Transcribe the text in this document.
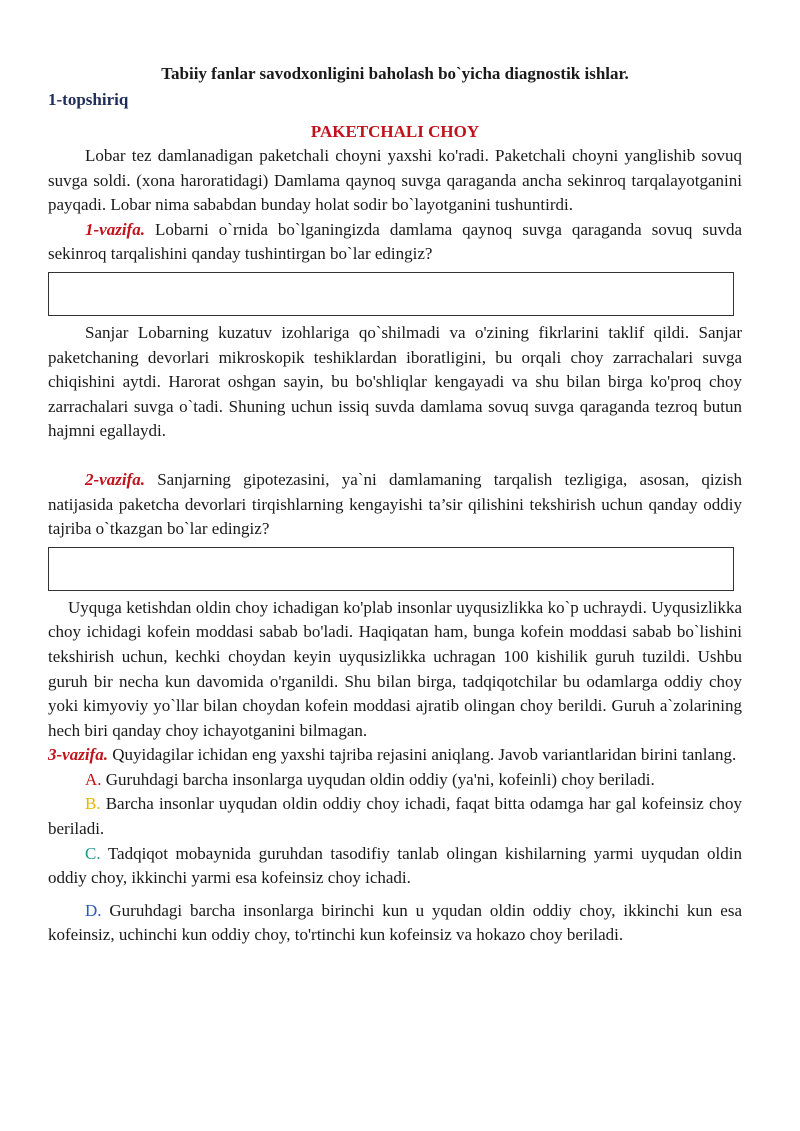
Tabiiy fanlar savodxonligini baholash bo`yicha diagnostik ishlar.
1-topshiriq
PAKETCHALI CHOY

Lobar tez damlanadigan paketchali choyni yaxshi ko'radi. Paketchali choyni yanglishib sovuq suvga soldi. (xona haroratidagi) Damlama qaynoq suvga qaraganda ancha sekinroq tarqalayotganini payqadi. Lobar nima sababdan bunday holat sodir bo`layotganini tushuntirdi.

1-vazifa. Lobarni o`rnida bo`lganingizda damlama qaynoq suvga qaraganda sovuq suvda sekinroq tarqalishini qanday tushintirgan bo`lar edingiz?

Sanjar Lobarning kuzatuv izohlariga qo`shilmadi va o'zining fikrlarini taklif qildi. Sanjar paketchaning devorlari mikroskopik teshiklardan iboratligini, bu orqali choy zarrachalari suvga chiqishini aytdi. Harorat oshgan sayin, bu bo'shliqlar kengayadi va shu bilan birga ko'proq choy zarrachalari suvga o`tadi. Shuning uchun issiq suvda damlama sovuq suvga qaraganda tezroq butun hajmni egallaydi.

2-vazifa. Sanjarning gipotezasini, ya`ni damlamaning tarqalish tezligiga, asosan, qizish natijasida paketcha devorlari tirqishlarning kengayishi ta’sir qilishini tekshirish uchun qanday oddiy tajriba o`tkazgan bo`lar edingiz?

Uyquga ketishdan oldin choy ichadigan ko'plab insonlar uyqusizlikka ko`p uchraydi. Uyqusizlikka choy ichidagi kofein moddasi sabab bo'ladi. Haqiqatan ham, bunga kofein moddasi sabab bo`lishini tekshirish uchun, kechki choydan keyin uyqusizlikka uchragan 100 kishilik guruh tuzildi. Ushbu guruh bir necha kun davomida o'rganildi. Shu bilan birga, tadqiqotchilar bu odamlarga oddiy choy yoki kimyoviy yo`llar bilan choydan kofein moddasi ajratib olingan choy berildi. Guruh a`zolarining hech biri qanday choy ichayotganini bilmagan.

3-vazifa. Quyidagilar ichidan eng yaxshi tajriba rejasini aniqlang. Javob variantlaridan birini tanlang.

A. Guruhdagi barcha insonlarga uyqudan oldin oddiy (ya'ni, kofeinli) choy beriladi.

B. Barcha insonlar uyqudan oldin oddiy choy ichadi, faqat bitta odamga har gal kofeinsiz choy beriladi.

C. Tadqiqot mobaynida guruhdan tasodifiy tanlab olingan kishilarning yarmi uyqudan oldin oddiy choy, ikkinchi yarmi esa kofeinsiz choy ichadi.

D. Guruhdagi barcha insonlarga birinchi kun u yqudan oldin oddiy choy, ikkinchi kun esa kofeinsiz, uchinchi kun oddiy choy, to'rtinchi kun kofeinsiz va hokazo choy beriladi.
